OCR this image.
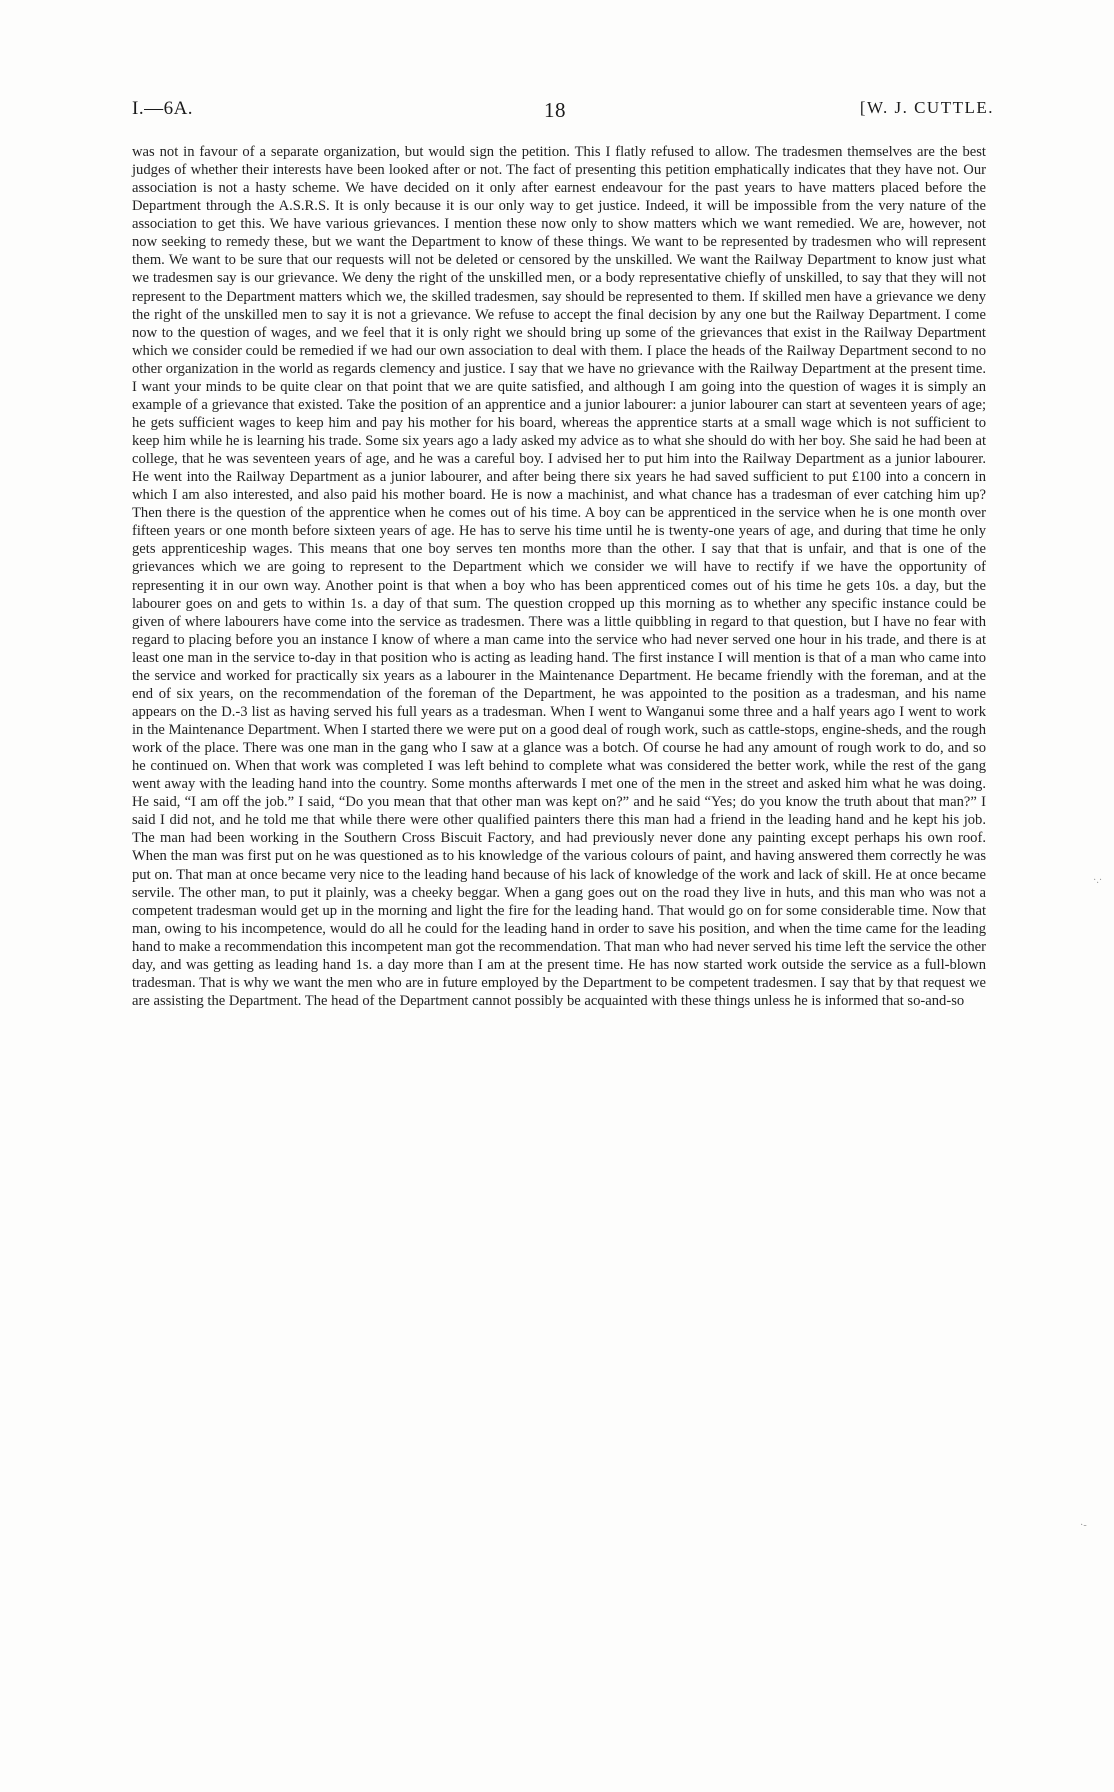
I.—6A.	18	[W. J. CUTTLE.

was not in favour of a separate organization, but would sign the petition. This I flatly refused to allow. The tradesmen themselves are the best judges of whether their interests have been looked after or not. The fact of presenting this petition emphatically indicates that they have not. Our association is not a hasty scheme. We have decided on it only after earnest endeavour for the past years to have matters placed before the Department through the A.S.R.S. It is only because it is our only way to get justice. Indeed, it will be impossible from the very nature of the association to get this. We have various grievances. I mention these now only to show matters which we want remedied. We are, however, not now seeking to remedy these, but we want the Department to know of these things. We want to be represented by tradesmen who will represent them. We want to be sure that our requests will not be deleted or censored by the unskilled. We want the Railway Department to know just what we tradesmen say is our grievance. We deny the right of the unskilled men, or a body representative chiefly of unskilled, to say that they will not represent to the Department matters which we, the skilled tradesmen, say should be represented to them. If skilled men have a grievance we deny the right of the unskilled men to say it is not a grievance. We refuse to accept the final decision by any one but the Railway Department. I come now to the question of wages, and we feel that it is only right we should bring up some of the grievances that exist in the Railway Department which we consider could be remedied if we had our own association to deal with them. I place the heads of the Railway Department second to no other organization in the world as regards clemency and justice. I say that we have no grievance with the Railway Department at the present time. I want your minds to be quite clear on that point that we are quite satisfied, and although I am going into the question of wages it is simply an example of a grievance that existed. Take the position of an apprentice and a junior labourer: a junior labourer can start at seventeen years of age; he gets sufficient wages to keep him and pay his mother for his board, whereas the apprentice starts at a small wage which is not sufficient to keep him while he is learning his trade. Some six years ago a lady asked my advice as to what she should do with her boy. She said he had been at college, that he was seventeen years of age, and he was a careful boy. I advised her to put him into the Railway Department as a junior labourer. He went into the Railway Department as a junior labourer, and after being there six years he had saved sufficient to put £100 into a concern in which I am also interested, and also paid his mother board. He is now a machinist, and what chance has a tradesman of ever catching him up? Then there is the question of the apprentice when he comes out of his time. A boy can be apprenticed in the service when he is one month over fifteen years or one month before sixteen years of age. He has to serve his time until he is twenty-one years of age, and during that time he only gets apprenticeship wages. This means that one boy serves ten months more than the other. I say that that is unfair, and that is one of the grievances which we are going to represent to the Department which we consider we will have to rectify if we have the opportunity of representing it in our own way. Another point is that when a boy who has been apprenticed comes out of his time he gets 10s. a day, but the labourer goes on and gets to within 1s. a day of that sum. The question cropped up this morning as to whether any specific instance could be given of where labourers have come into the service as tradesmen. There was a little quibbling in regard to that question, but I have no fear with regard to placing before you an instance I know of where a man came into the service who had never served one hour in his trade, and there is at least one man in the service to-day in that position who is acting as leading hand. The first instance I will mention is that of a man who came into the service and worked for practically six years as a labourer in the Maintenance Department. He became friendly with the foreman, and at the end of six years, on the recommendation of the foreman of the Department, he was appointed to the position as a tradesman, and his name appears on the D.-3 list as having served his full years as a tradesman. When I went to Wanganui some three and a half years ago I went to work in the Maintenance Department. When I started there we were put on a good deal of rough work, such as cattle-stops, engine-sheds, and the rough work of the place. There was one man in the gang who I saw at a glance was a botch. Of course he had any amount of rough work to do, and so he continued on. When that work was completed I was left behind to complete what was considered the better work, while the rest of the gang went away with the leading hand into the country. Some months afterwards I met one of the men in the street and asked him what he was doing. He said, “I am off the job.” I said, “Do you mean that that other man was kept on?” and he said “Yes; do you know the truth about that man?” I said I did not, and he told me that while there were other qualified painters there this man had a friend in the leading hand and he kept his job. The man had been working in the Southern Cross Biscuit Factory, and had previously never done any painting except perhaps his own roof. When the man was first put on he was questioned as to his knowledge of the various colours of paint, and having answered them correctly he was put on. That man at once became very nice to the leading hand because of his lack of knowledge of the work and lack of skill. He at once became servile. The other man, to put it plainly, was a cheeky beggar. When a gang goes out on the road they live in huts, and this man who was not a competent tradesman would get up in the morning and light the fire for the leading hand. That would go on for some considerable time. Now that man, owing to his incompetence, would do all he could for the leading hand in order to save his position, and when the time came for the leading hand to make a recommendation this incompetent man got the recommendation. That man who had never served his time left the service the other day, and was getting as leading hand 1s. a day more than I am at the present time. He has now started work outside the service as a full-blown tradesman. That is why we want the men who are in future employed by the Department to be competent tradesmen. I say that by that request we are assisting the Department. The head of the Department cannot possibly be acquainted with these things unless he is informed that so-and-so

·.·
·-
